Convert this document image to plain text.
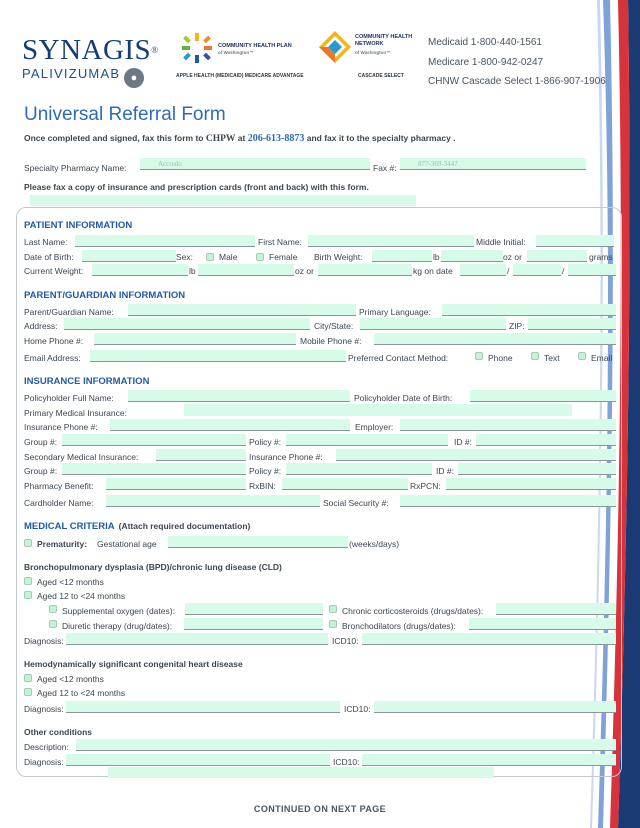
SYNAGIS®
PALIVIZUMAB ●
COMMUNITY HEALTH PLAN
of Washington™
APPLE HEALTH (MEDICAID) MEDICARE ADVANTAGE
COMMUNITY HEALTH NETWORK
of Washington™
CASCADE SELECT
Medicaid 1-800-440-1561
Medicare 1-800-942-0247
CHNW Cascade Select 1-866-907-1906
Universal Referral Form
Once completed and signed, fax this form to CHPW at 206-613-8873 and fax it to the specialty pharmacy .
Specialty Pharmacy Name:	Accredo	Fax #:	877-369-3447
Please fax a copy of insurance and prescription cards (front and back) with this form.
PATIENT INFORMATION
Last Name:	First Name:	Middle Initial:
Date of Birth:	Sex:	Male	Female Birth Weight:	lb	oz or	grams
Current Weight:	lb	oz or	kg on date	/	/
PARENT/GUARDIAN INFORMATION
Parent/Guardian Name:	Primary Language:
Address:	City/State:	ZIP:
Home Phone #:	Mobile Phone #:
Email Address:	Preferred Contact Method:	Phone	Text	Email
INSURANCE INFORMATION
Policyholder Full Name:	Policyholder Date of Birth:
Primary Medical Insurance:
Insurance Phone #:	Employer:
Group #:	Policy #:	ID #:
Secondary Medical Insurance:	Insurance Phone #:
Group #:	Policy #:	ID #:
Pharmacy Benefit:	RxBIN:	RxPCN:
Cardholder Name:	Social Security #:
MEDICAL CRITERIA (Attach required documentation)
Prematurity: Gestational age	(weeks/days)
Bronchopulmonary dysplasia (BPD)/chronic lung disease (CLD)
Aged <12 months
Aged 12 to <24 months
Supplemental oxygen (dates):	Chronic corticosteroids (drugs/dates):
Diuretic therapy (drug/dates):	Bronchodilators (drugs/dates):
Diagnosis:	ICD10:
Hemodynamically significant congenital heart disease
Aged <12 months
Aged 12 to <24 months
Diagnosis:	ICD10:
Other conditions
Description:
Diagnosis:	ICD10:
CONTINUED ON NEXT PAGE
